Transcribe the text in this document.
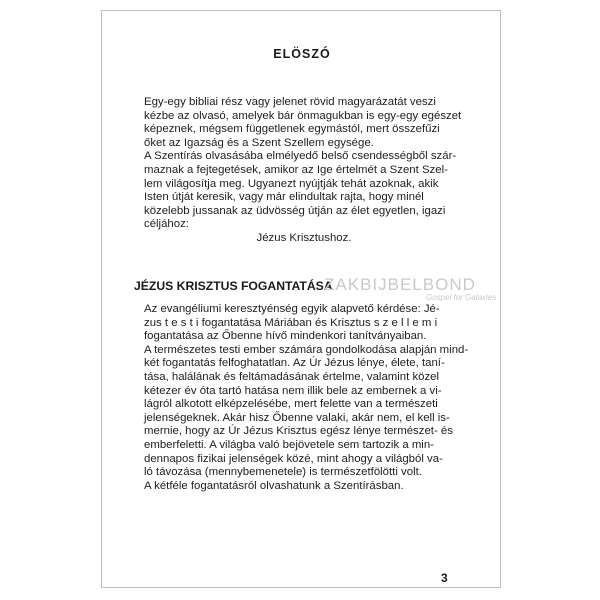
ELÖSZÓ

Egy-egy bibliai rész vagy jelenet rövid magyarázatát veszi
kézbe az olvasó, amelyek bár önmagukban is egy-egy egészet
képeznek, mégsem függetlenek egymástól, mert összefűzi
őket az Igazság és a Szent Szellem egysége.

A Szentírás olvasásába elmélyedő belső csendességből szár-
maznak a fejtegetések, amikor az Ige értelmét a Szent Szel-
lem világosítja meg. Ugyanezt nyújtják tehát azoknak, akik
Isten útját keresik, vagy már elindultak rajta, hogy minél
közelebb jussanak az üdvösség útján az élet egyetlen, igazi
céljához:

Jézus Krisztushoz.

JÉZUS KRISZTUS FOGANTATÁSA
ZAKBIJBELBOND
Gospel for Galaxies

Az evangéliumi keresztyénség egyik alapvető kérdése: Jé-
zus t e s t i fogantatása Máriában és Krisztus s z e l l e m i
fogantatása az Őbenne hívő mindenkori tanítványaiban.

A természetes testi ember számára gondolkodása alapján mind-
két fogantatás felfoghatatlan. Az Úr Jézus lénye, élete, taní-
tása, halálának és feltámadásának értelme, valamint közel
kétezer év óta tartó hatása nem illik bele az embernek a vi-
lágról alkotott elképzelésébe, mert felette van a természeti
jelenségeknek. Akár hisz Őbenne valaki, akár nem, el kell is-
mernie, hogy az Úr Jézus Krisztus egész lénye természet- és
emberfeletti. A világba való bejövetele sem tartozik a min-
dennapos fizikai jelenségek közé, mint ahogy a világból va-
ló távozása (mennybemenetele) is természetfölötti volt.

A kétféle fogantatásról olvashatunk a Szentírásban.

3
